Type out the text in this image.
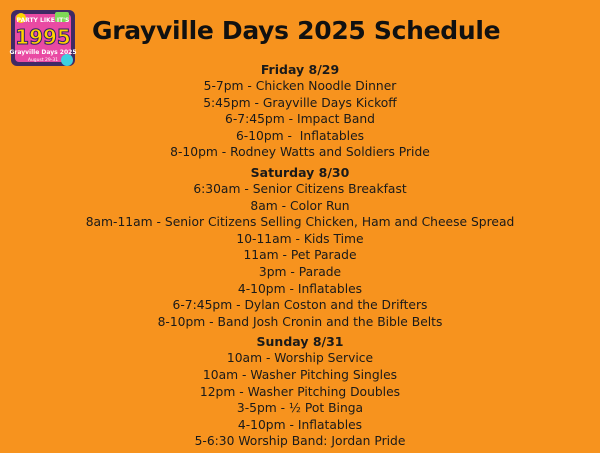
PARTY LIKE IT'S
1995
Grayville Days 2025
August 29-31
Grayville Days 2025 Schedule
Friday 8/29
5-7pm - Chicken Noodle Dinner
5:45pm - Grayville Days Kickoff
6-7:45pm - Impact Band
6-10pm -  Inflatables
8-10pm - Rodney Watts and Soldiers Pride
Saturday 8/30
6:30am - Senior Citizens Breakfast
8am - Color Run
8am-11am - Senior Citizens Selling Chicken, Ham and Cheese Spread
10-11am - Kids Time
11am - Pet Parade
3pm - Parade
4-10pm - Inflatables
6-7:45pm - Dylan Coston and the Drifters
8-10pm - Band Josh Cronin and the Bible Belts
Sunday 8/31
10am - Worship Service
10am - Washer Pitching Singles
12pm - Washer Pitching Doubles
3-5pm - ½ Pot Binga
4-10pm - Inflatables
5-6:30 Worship Band: Jordan Pride
